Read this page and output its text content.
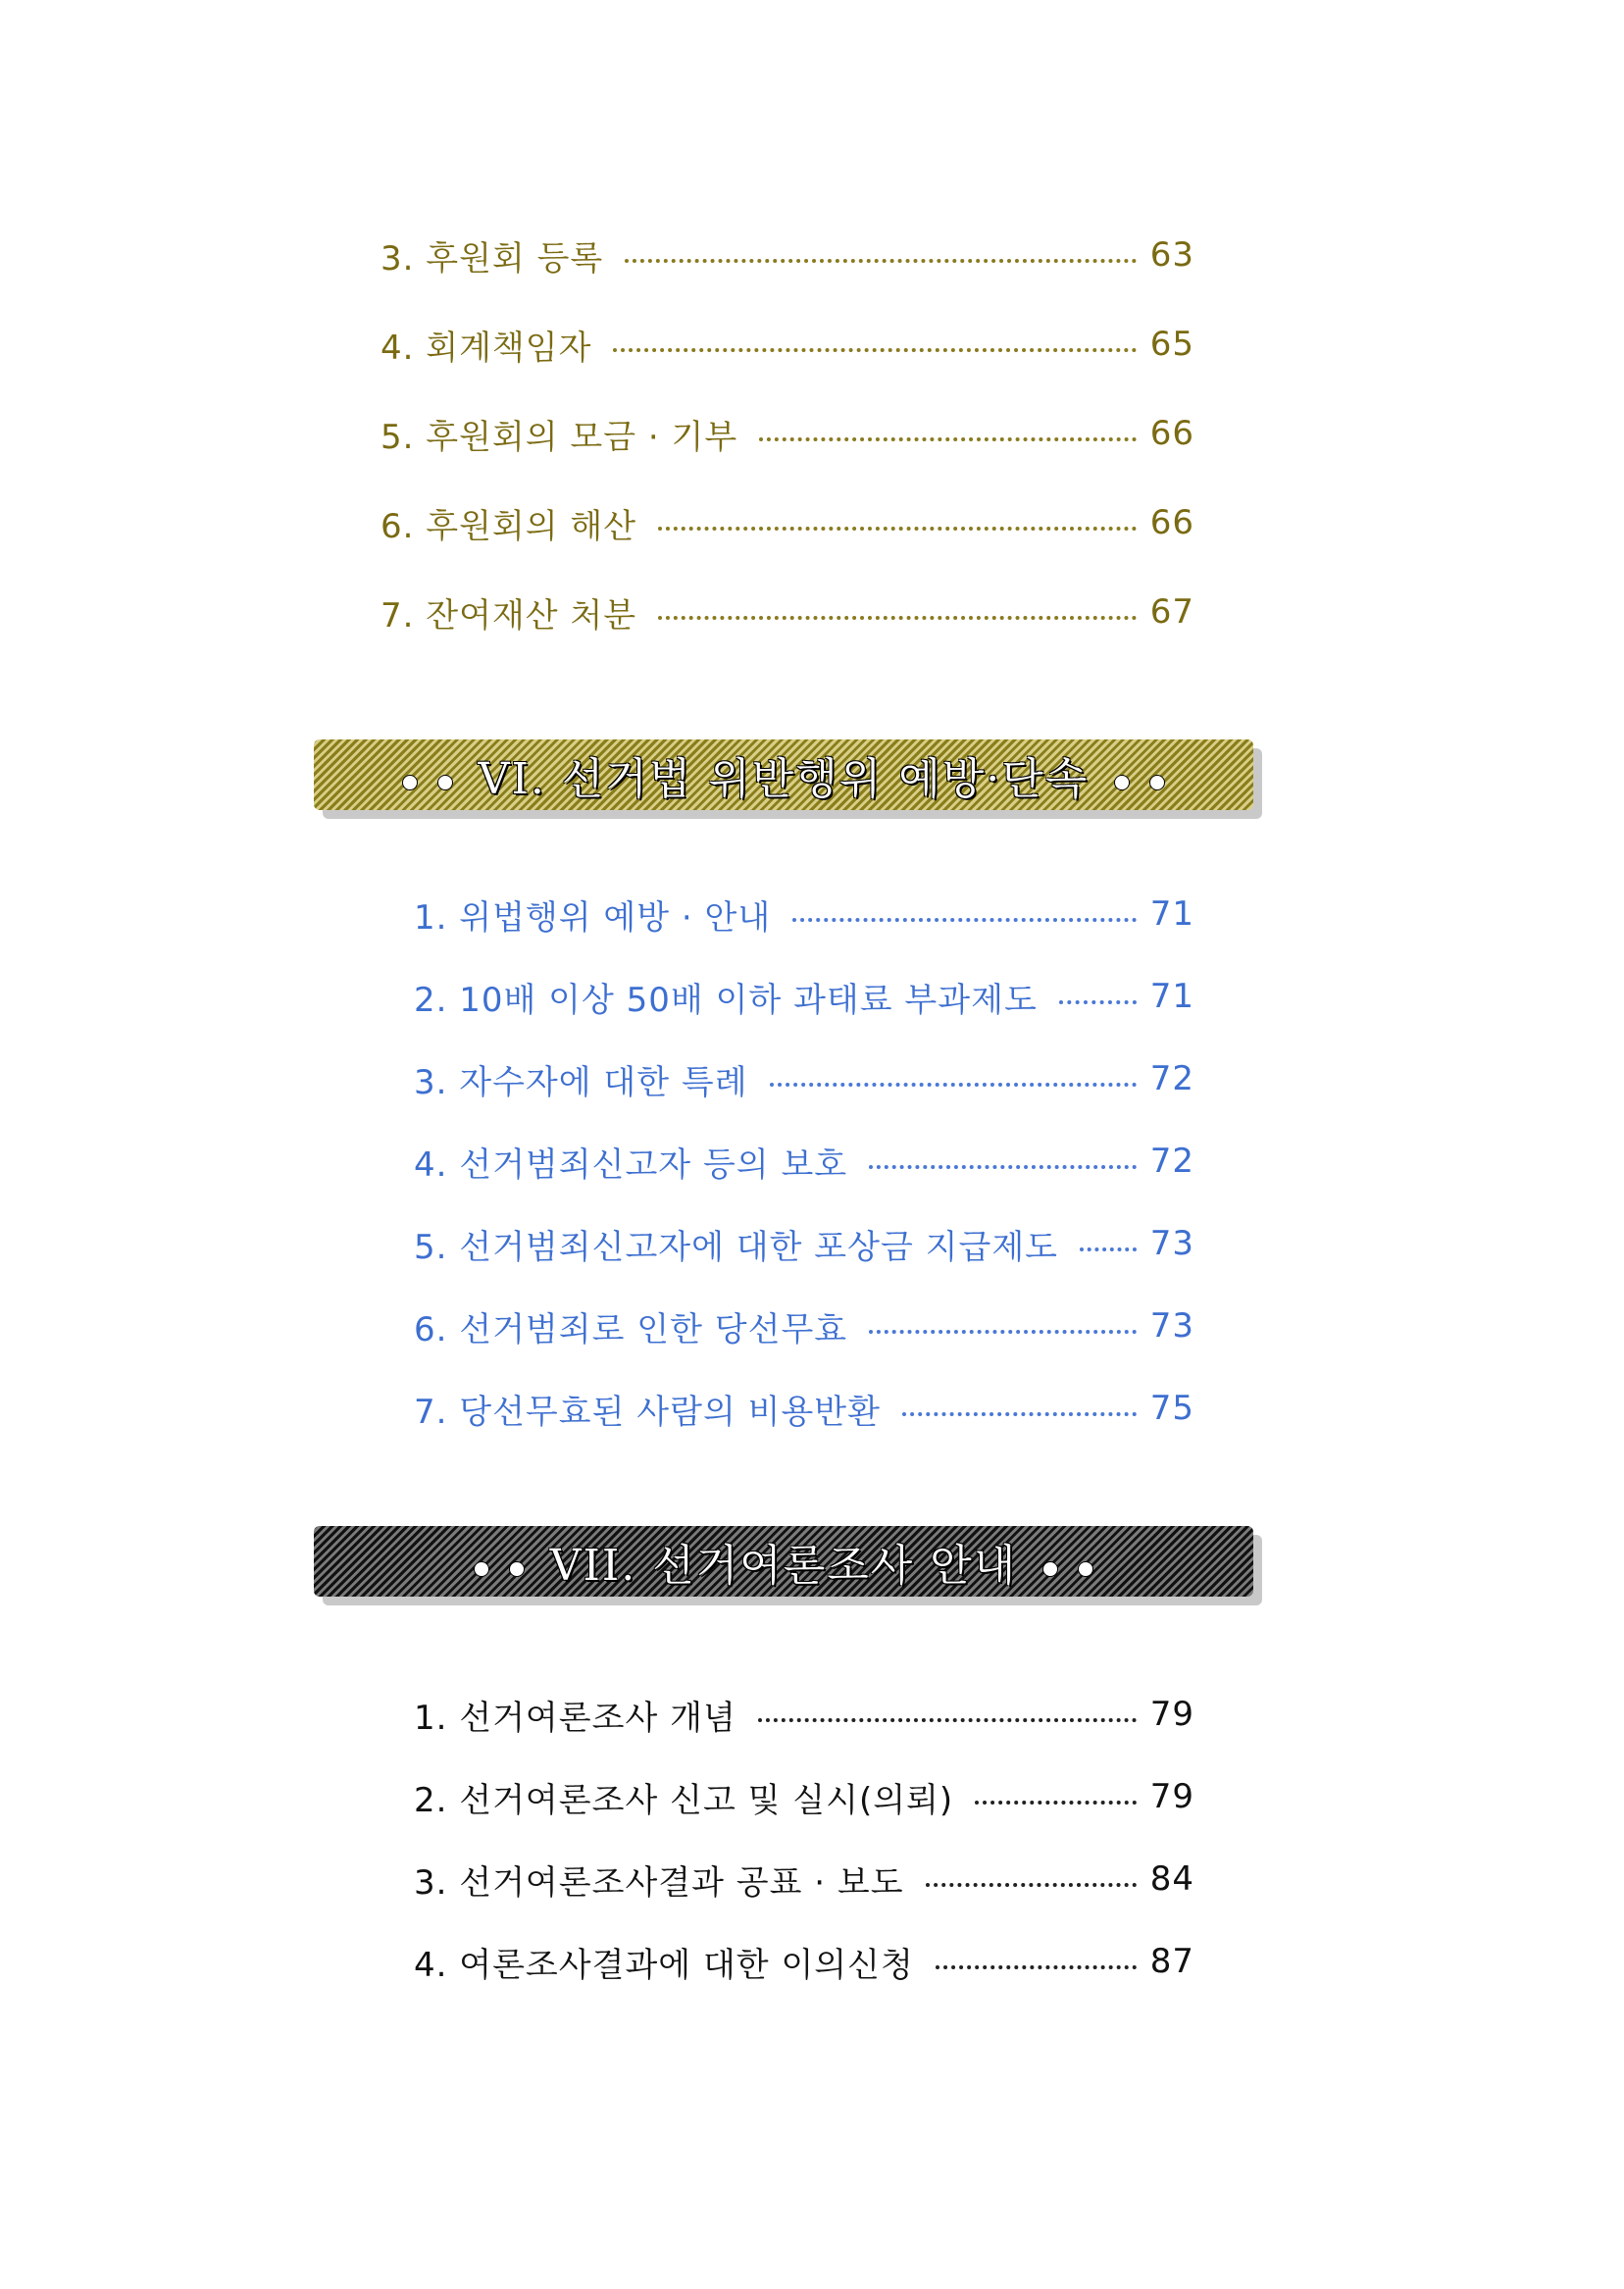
3. 후원회 등록	63
4. 회계책임자	65
5. 후원회의 모금 · 기부	66
6. 후원회의 해산	66
7. 잔여재산 처분	67
VI. 선거법 위반행위 예방·단속
1. 위법행위 예방 · 안내	71
2. 10배 이상 50배 이하 과태료 부과제도	71
3. 자수자에 대한 특례	72
4. 선거범죄신고자 등의 보호	72
5. 선거범죄신고자에 대한 포상금 지급제도	73
6. 선거범죄로 인한 당선무효	73
7. 당선무효된 사람의 비용반환	75
VII. 선거여론조사 안내
1. 선거여론조사 개념	79
2. 선거여론조사 신고 및 실시(의뢰)	79
3. 선거여론조사결과 공표 · 보도	84
4. 여론조사결과에 대한 이의신청	87
